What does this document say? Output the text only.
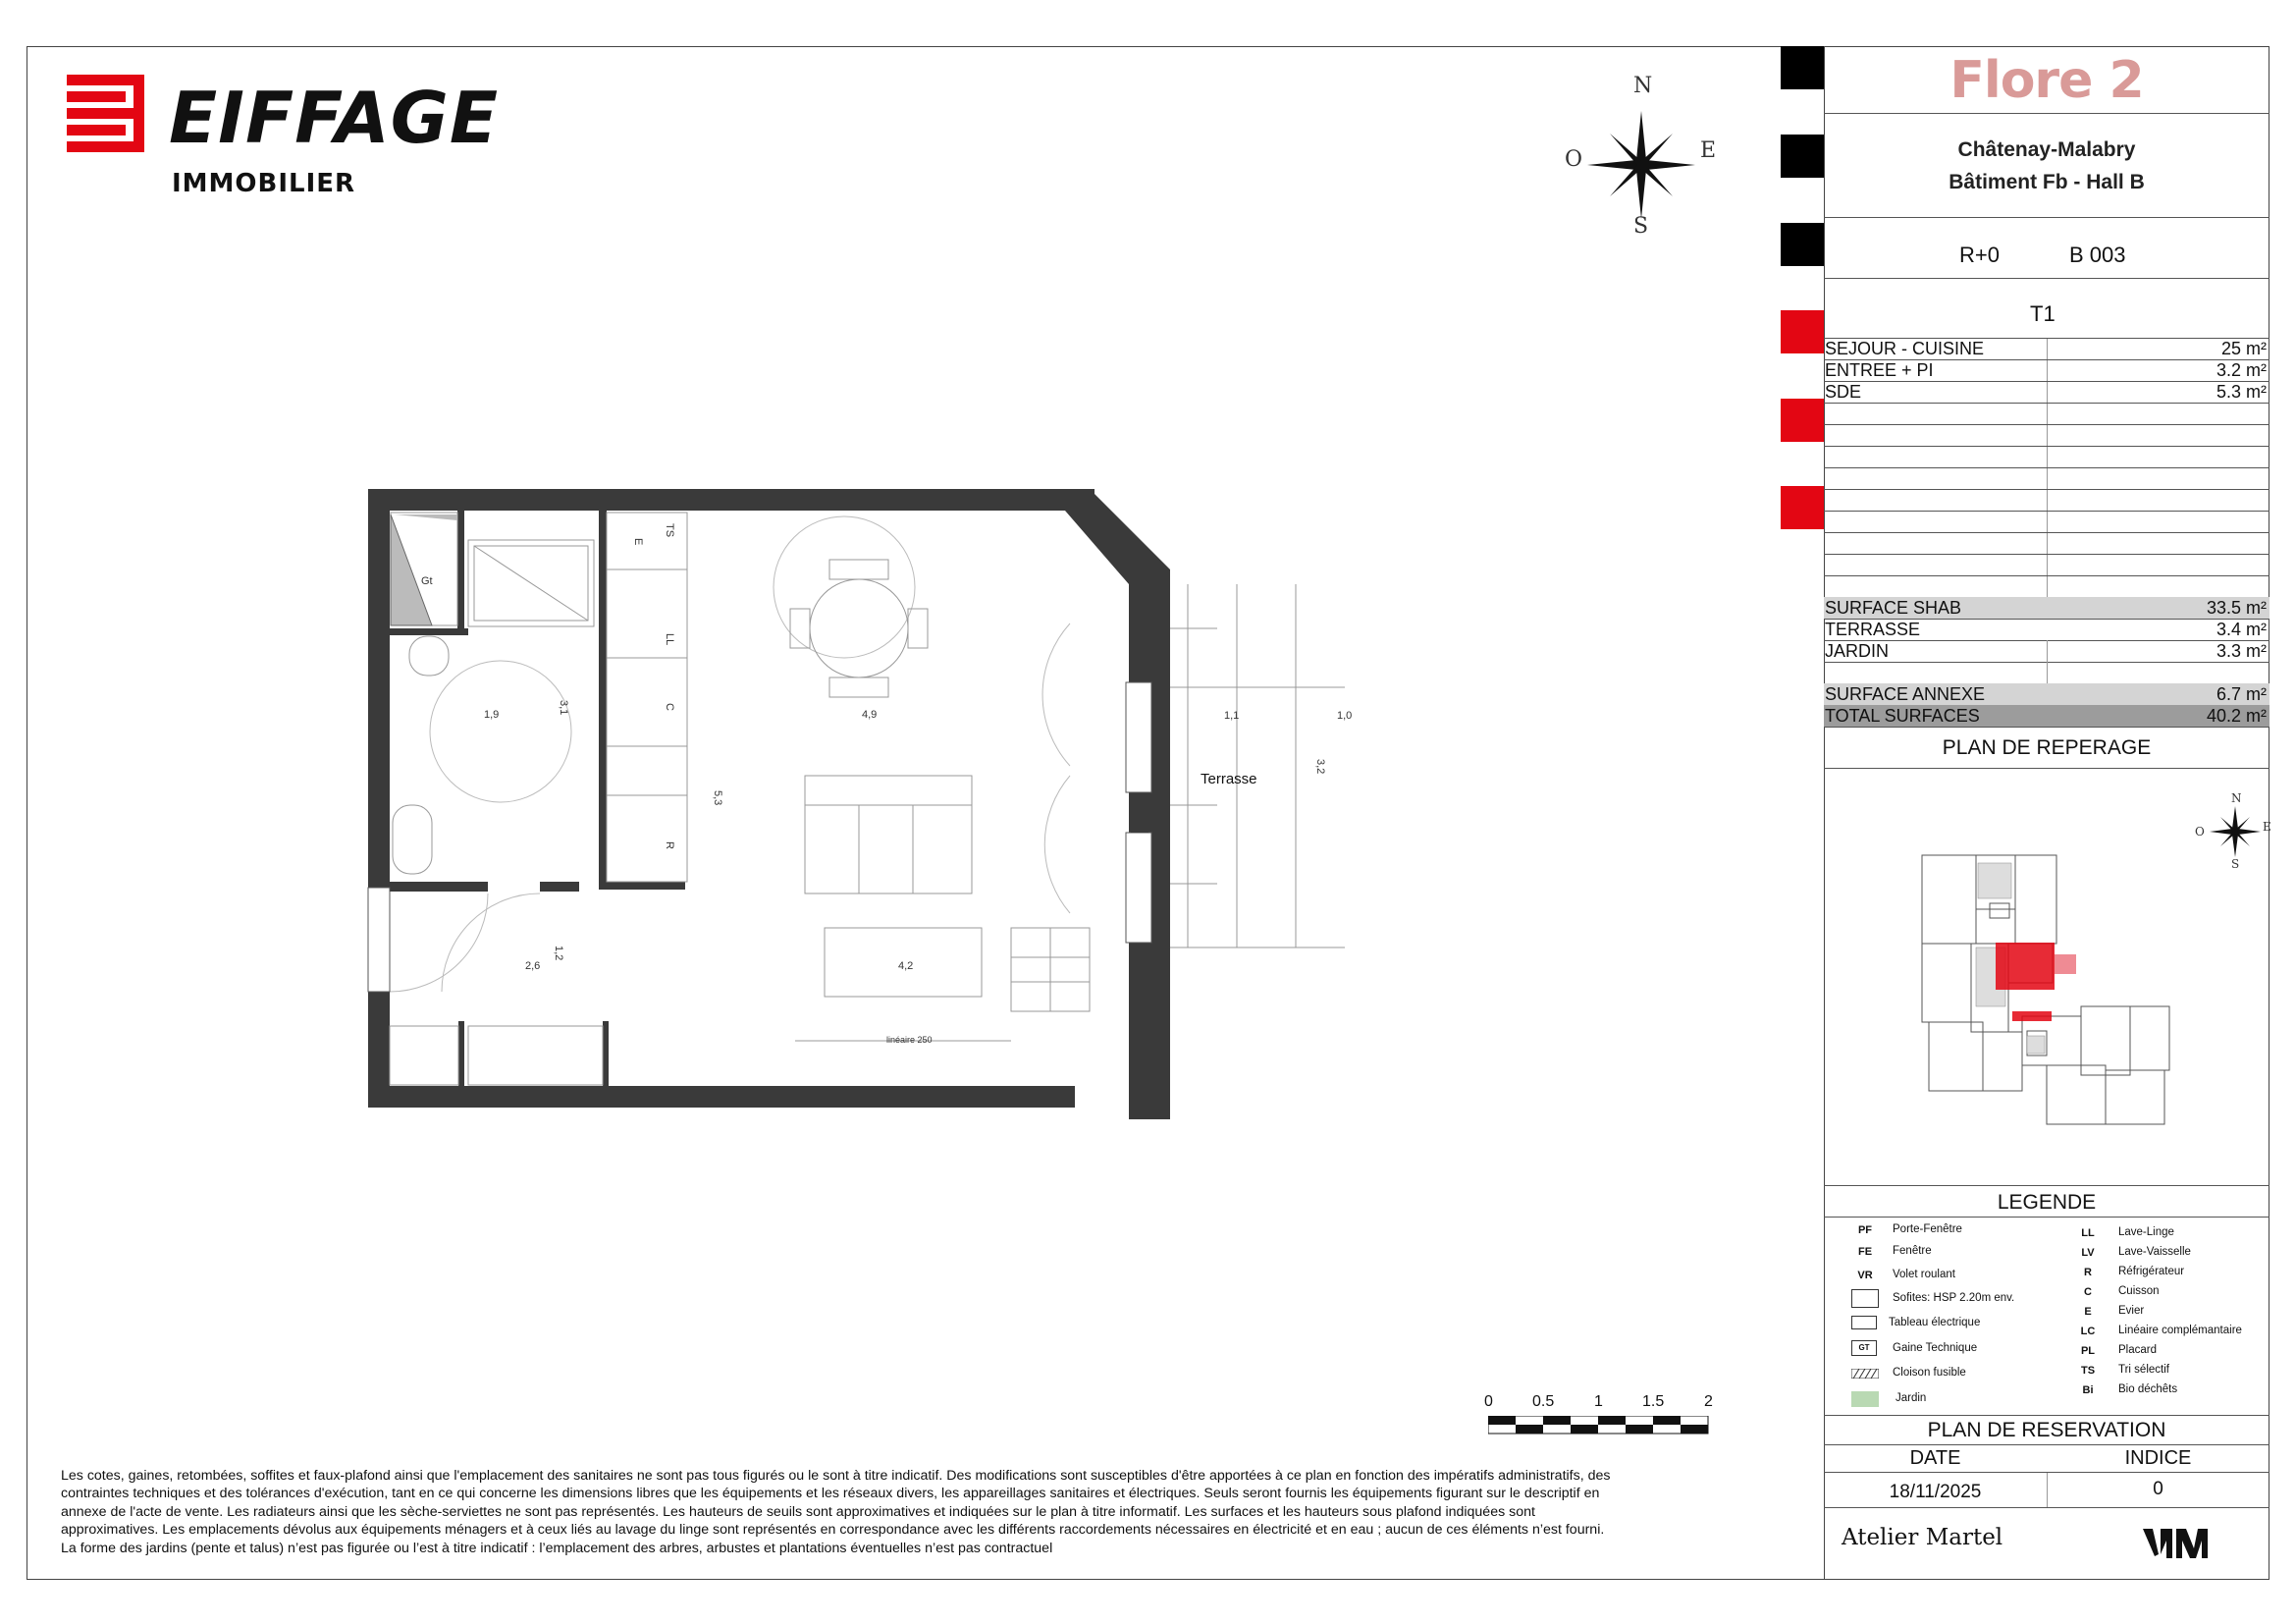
EIFFAGE
IMMOBILIER
N
S
E
O
Gt
1,9	3,1	4,9
5,3
1,1	1,0
3,2
2,6
1,2
4,2
linéaire 250
TS
E
LL
C
R
Terrasse
0	0.5	1	1.5	2
Les cotes, gaines, retombées, soffites et faux-plafond ainsi que l'emplacement des sanitaires ne sont pas tous figurés ou le sont à titre indicatif. Des modifications sont susceptibles d'être apportées à ce plan en fonction des impératifs administratifs, des
contraintes techniques et des tolérances d'exécution, tant en ce qui concerne les dimensions libres que les équipements et les réseaux divers, les appareillages sanitaires et électriques. Seuls seront fournis les équipements figurant sur le descriptif en
annexe de l'acte de vente. Les radiateurs ainsi que les sèche-serviettes ne sont pas représentés. Les hauteurs de seuils sont approximatives et indiquées sur le plan à titre informatif. Les surfaces et les hauteurs sous plafond indiquées sont
approximatives. Les emplacements dévolus aux équipements ménagers et à ceux liés au lavage du linge sont représentés en correspondance avec les différents raccordements nécessaires en électricité et en eau ; aucun de ces éléments n’est fourni.
La forme des jardins (pente et talus) n’est pas figurée ou l’est à titre indicatif : l’emplacement des arbres, arbustes et plantations éventuelles n’est pas contractuel
Flore 2
Châtenay-Malabry
Bâtiment Fb - Hall B
R+0	B 003
T1
SEJOUR - CUISINE	25 m²
ENTREE + PI	3.2 m²
SDE	5.3 m²
SURFACE SHAB	33.5 m²
TERRASSE	3.4 m²
JARDIN	3.3 m²
SURFACE ANNEXE	6.7 m²
TOTAL SURFACES	40.2 m²
PLAN DE REPERAGE
N
S
E
O
LEGENDE
PF	Porte-Fenêtre
FE	Fenêtre
VR	Volet roulant
Sofites: HSP 2.20m env.
Tableau électrique
GT	Gaine Technique
Cloison fusible
Jardin
LL	Lave-Linge
LV	Lave-Vaisselle
R	Réfrigérateur
C	Cuisson
E	Evier
LC	Linéaire complémantaire
PL	Placard
TS	Tri sélectif
Bi	Bio déchêts
PLAN DE RESERVATION
DATE	INDICE
18/11/2025	0
Atelier Martel
